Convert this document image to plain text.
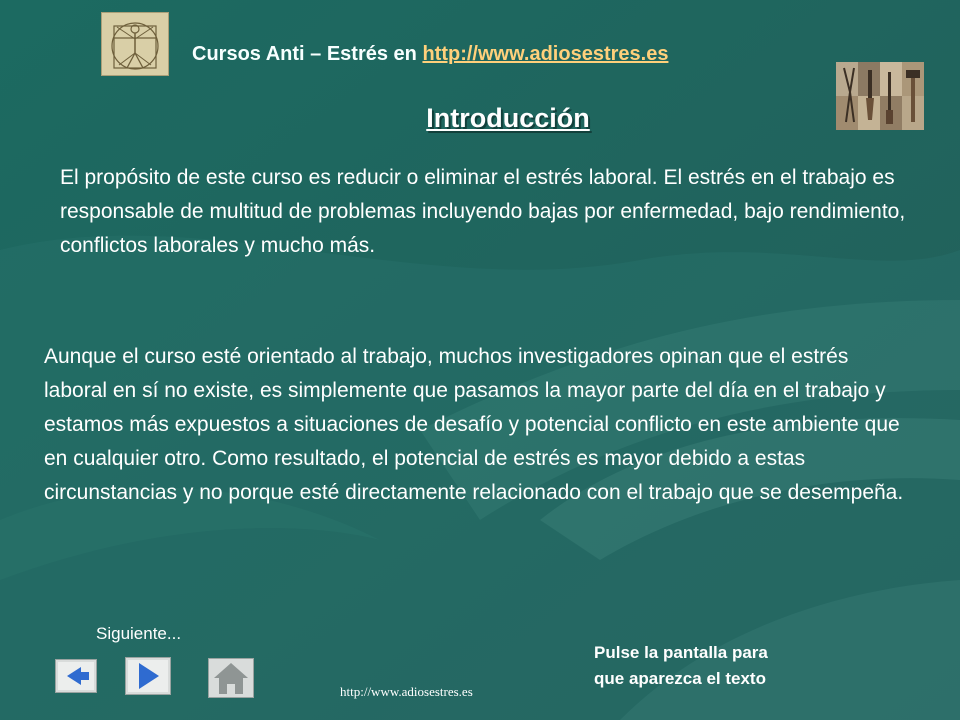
Cursos Anti – Estrés en http://www.adiosestres.es
Introducción
El propósito de este curso es reducir o eliminar el estrés laboral. El estrés en el trabajo es responsable de multitud de problemas incluyendo bajas por enfermedad, bajo rendimiento, conflictos laborales y mucho más.
Aunque el curso esté orientado al trabajo, muchos investigadores opinan que el estrés laboral en sí no existe, es simplemente que pasamos la mayor parte del día en el trabajo y estamos más expuestos a situaciones de desafío y potencial conflicto en este ambiente que en cualquier otro. Como resultado, el potencial de estrés es mayor debido a estas circunstancias y no porque esté directamente relacionado con el trabajo que se desempeña.
Siguiente...
Pulse la pantalla para
que aparezca el texto
http://www.adiosestres.es
